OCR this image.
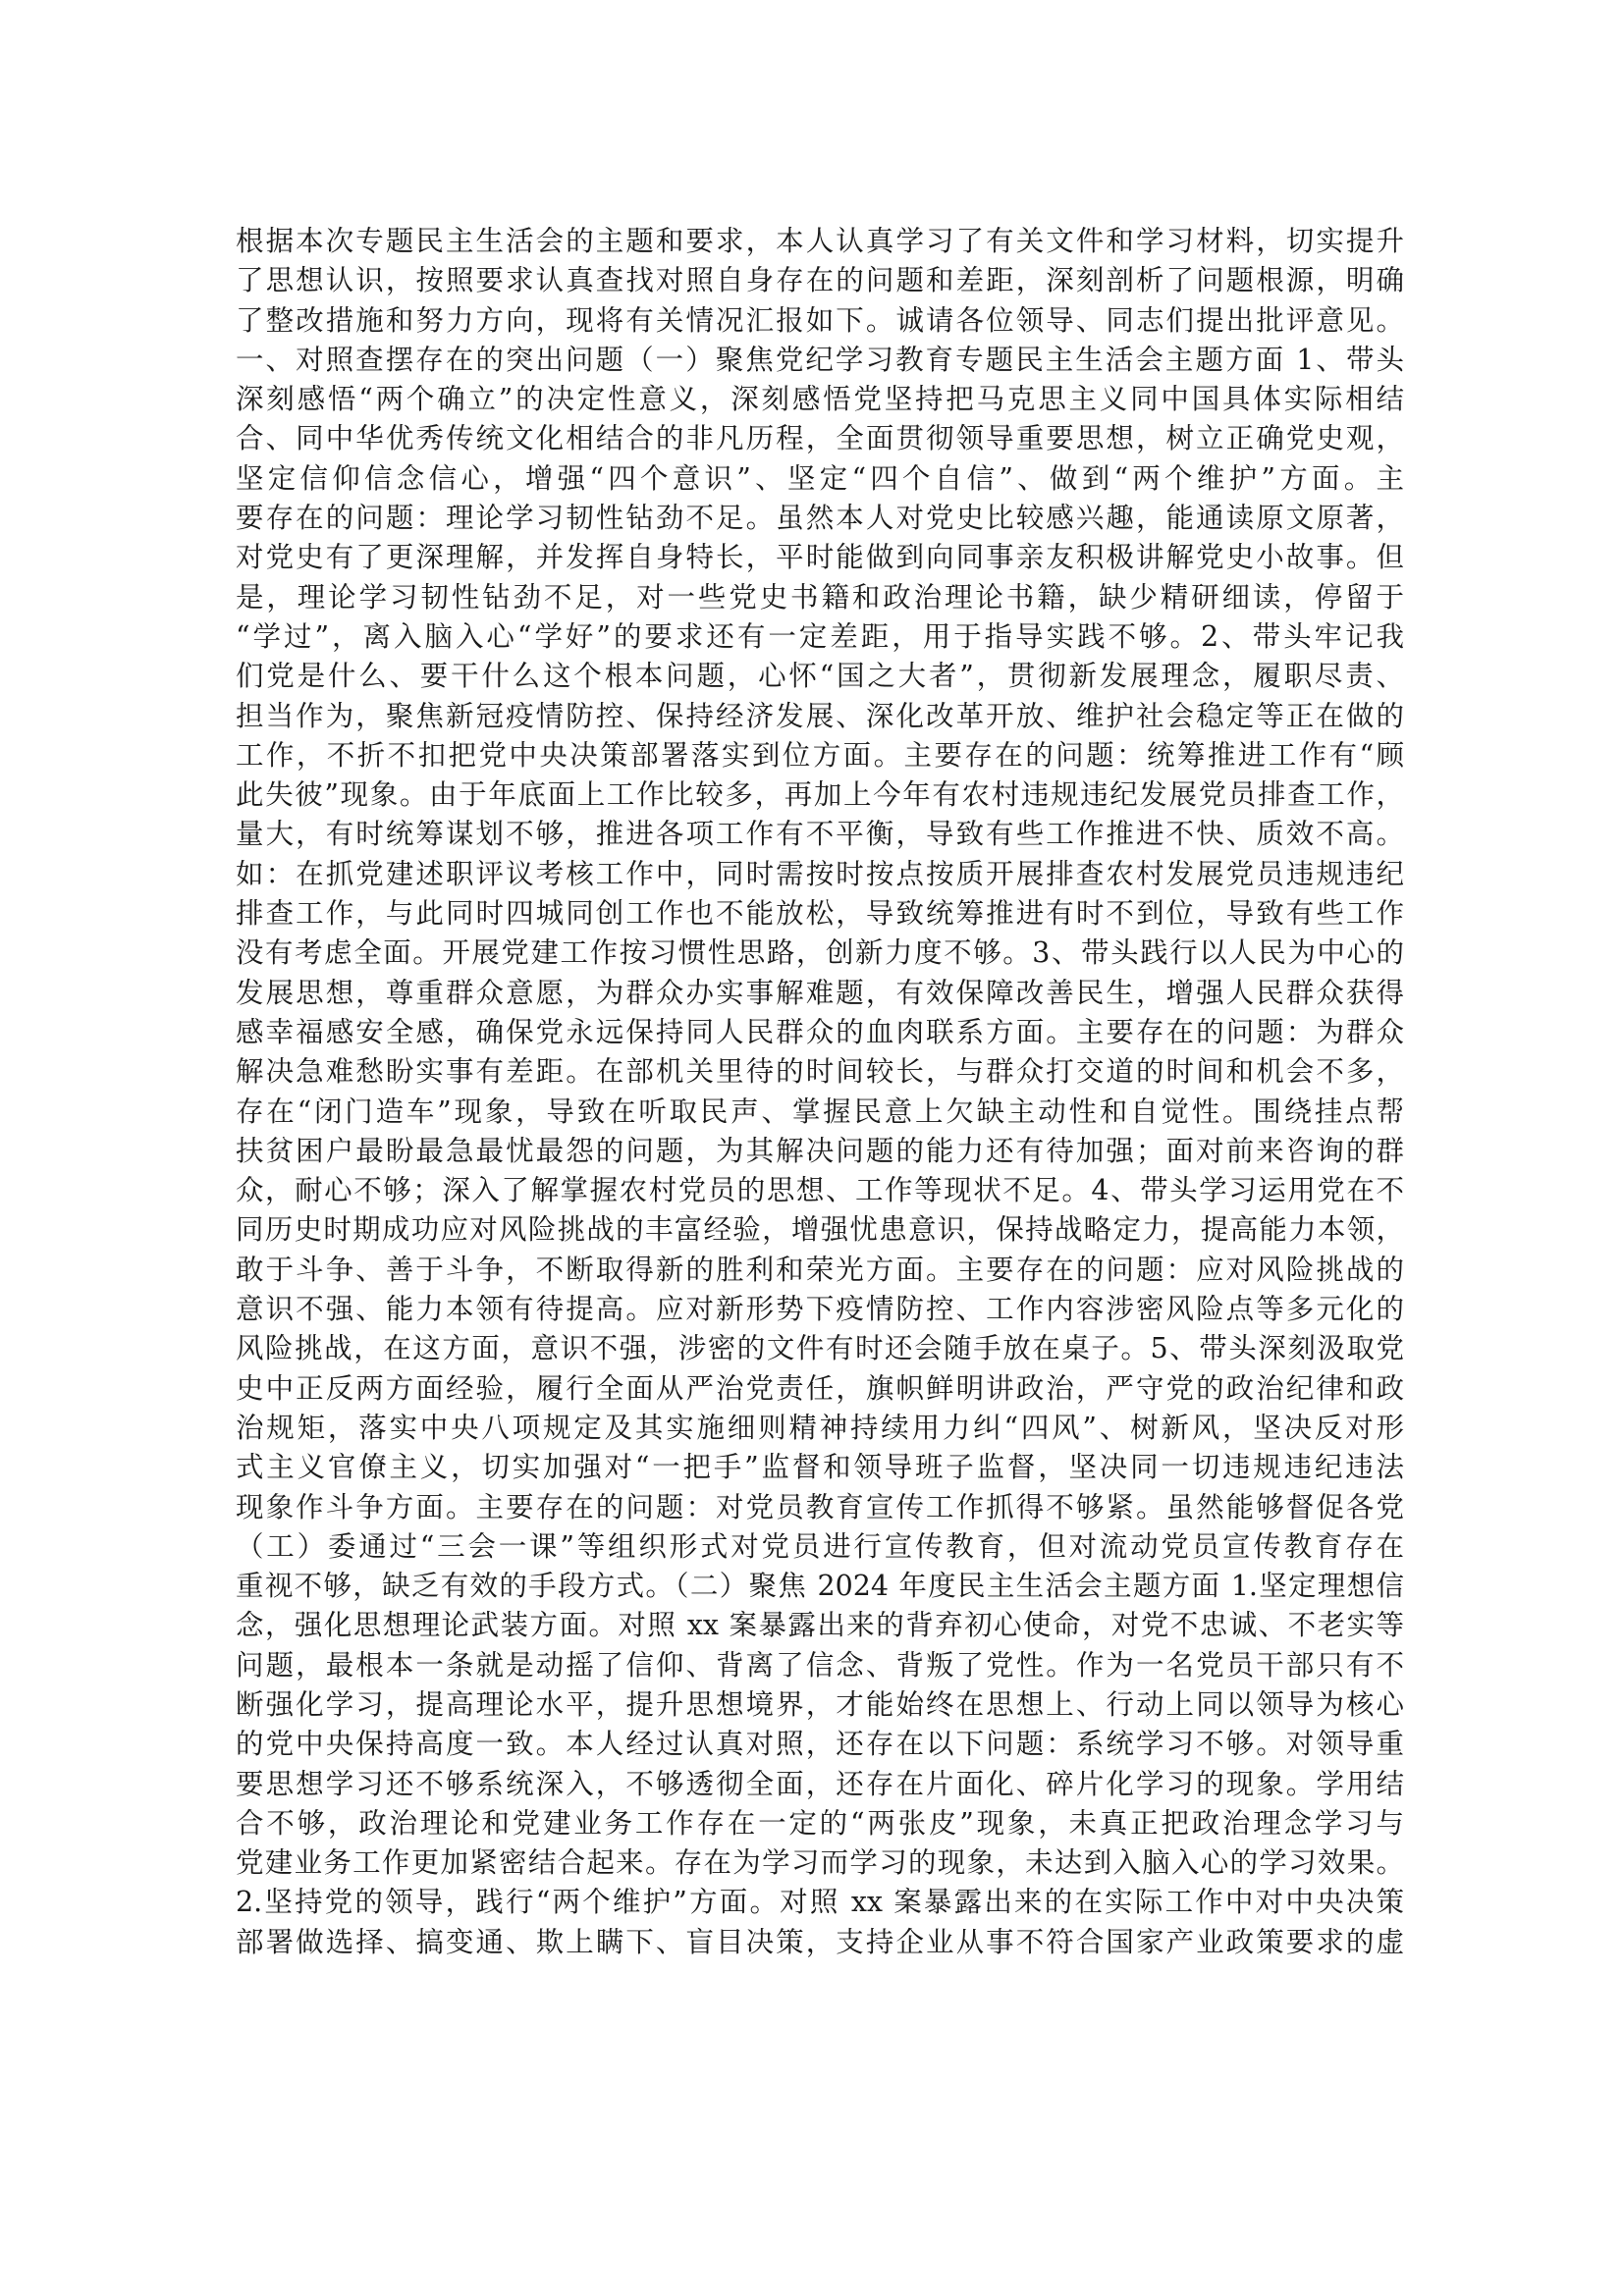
根据本次专题民主生活会的主题和要求，本人认真学习了有关文件和学习材料，切实提升
了思想认识，按照要求认真查找对照自身存在的问题和差距，深刻剖析了问题根源，明确
了整改措施和努力方向，现将有关情况汇报如下。诚请各位领导、同志们提出批评意见。
一、对照查摆存在的突出问题（一）聚焦党纪学习教育专题民主生活会主题方面 1、带头
深刻感悟“两个确立”的决定性意义，深刻感悟党坚持把马克思主义同中国具体实际相结
合、同中华优秀传统文化相结合的非凡历程，全面贯彻领导重要思想，树立正确党史观，
坚定信仰信念信心，增强“四个意识”、坚定“四个自信”、做到“两个维护”方面。主
要存在的问题：理论学习韧性钻劲不足。虽然本人对党史比较感兴趣，能通读原文原著，
对党史有了更深理解，并发挥自身特长，平时能做到向同事亲友积极讲解党史小故事。但
是，理论学习韧性钻劲不足，对一些党史书籍和政治理论书籍，缺少精研细读，停留于
“学过”，离入脑入心“学好”的要求还有一定差距，用于指导实践不够。2、带头牢记我
们党是什么、要干什么这个根本问题，心怀“国之大者”，贯彻新发展理念，履职尽责、
担当作为，聚焦新冠疫情防控、保持经济发展、深化改革开放、维护社会稳定等正在做的
工作，不折不扣把党中央决策部署落实到位方面。主要存在的问题：统筹推进工作有“顾
此失彼”现象。由于年底面上工作比较多，再加上今年有农村违规违纪发展党员排查工作，
量大，有时统筹谋划不够，推进各项工作有不平衡，导致有些工作推进不快、质效不高。
如：在抓党建述职评议考核工作中，同时需按时按点按质开展排查农村发展党员违规违纪
排查工作，与此同时四城同创工作也不能放松，导致统筹推进有时不到位，导致有些工作
没有考虑全面。开展党建工作按习惯性思路，创新力度不够。3、带头践行以人民为中心的
发展思想，尊重群众意愿，为群众办实事解难题，有效保障改善民生，增强人民群众获得
感幸福感安全感，确保党永远保持同人民群众的血肉联系方面。主要存在的问题：为群众
解决急难愁盼实事有差距。在部机关里待的时间较长，与群众打交道的时间和机会不多，
存在“闭门造车”现象，导致在听取民声、掌握民意上欠缺主动性和自觉性。围绕挂点帮
扶贫困户最盼最急最忧最怨的问题，为其解决问题的能力还有待加强；面对前来咨询的群
众，耐心不够；深入了解掌握农村党员的思想、工作等现状不足。4、带头学习运用党在不
同历史时期成功应对风险挑战的丰富经验，增强忧患意识，保持战略定力，提高能力本领，
敢于斗争、善于斗争，不断取得新的胜利和荣光方面。主要存在的问题：应对风险挑战的
意识不强、能力本领有待提高。应对新形势下疫情防控、工作内容涉密风险点等多元化的
风险挑战，在这方面，意识不强，涉密的文件有时还会随手放在桌子。5、带头深刻汲取党
史中正反两方面经验，履行全面从严治党责任，旗帜鲜明讲政治，严守党的政治纪律和政
治规矩，落实中央八项规定及其实施细则精神持续用力纠“四风”、树新风，坚决反对形
式主义官僚主义，切实加强对“一把手”监督和领导班子监督，坚决同一切违规违纪违法
现象作斗争方面。主要存在的问题：对党员教育宣传工作抓得不够紧。虽然能够督促各党
（工）委通过“三会一课”等组织形式对党员进行宣传教育，但对流动党员宣传教育存在
重视不够，缺乏有效的手段方式。（二）聚焦 2024 年度民主生活会主题方面 1.坚定理想信
念，强化思想理论武装方面。对照 xx 案暴露出来的背弃初心使命，对党不忠诚、不老实等
问题，最根本一条就是动摇了信仰、背离了信念、背叛了党性。作为一名党员干部只有不
断强化学习，提高理论水平，提升思想境界，才能始终在思想上、行动上同以领导为核心
的党中央保持高度一致。本人经过认真对照，还存在以下问题：系统学习不够。对领导重
要思想学习还不够系统深入，不够透彻全面，还存在片面化、碎片化学习的现象。学用结
合不够，政治理论和党建业务工作存在一定的“两张皮”现象，未真正把政治理念学习与
党建业务工作更加紧密结合起来。存在为学习而学习的现象，未达到入脑入心的学习效果。
2.坚持党的领导，践行“两个维护”方面。对照 xx 案暴露出来的在实际工作中对中央决策
部署做选择、搞变通、欺上瞒下、盲目决策，支持企业从事不符合国家产业政策要求的虚
